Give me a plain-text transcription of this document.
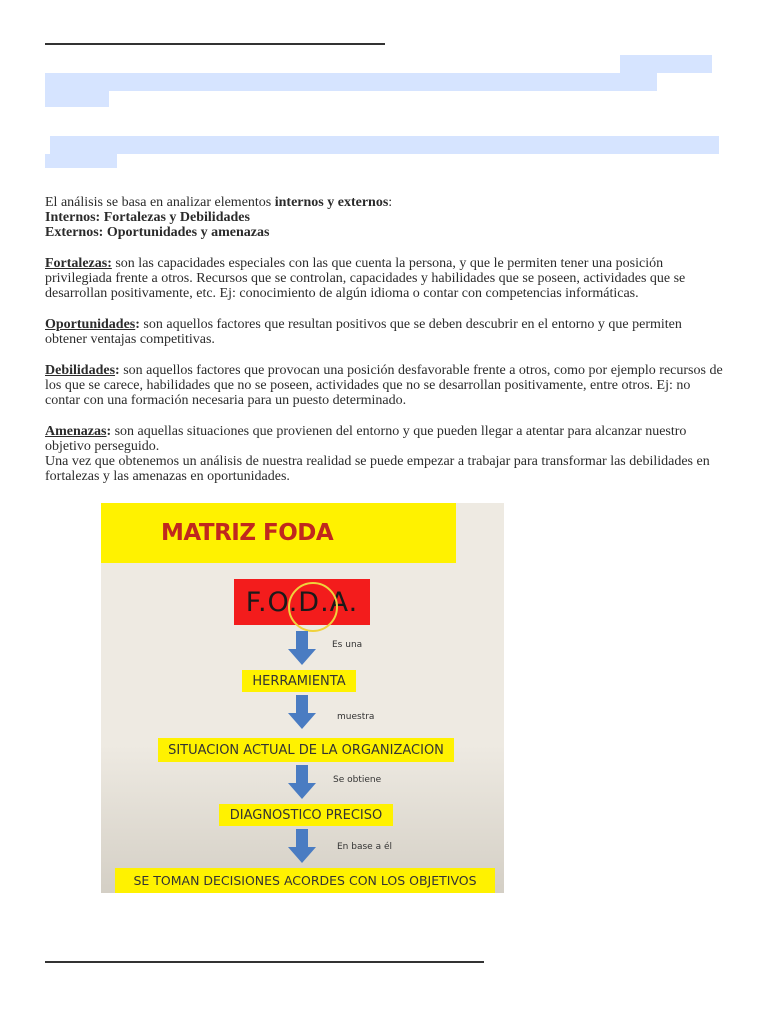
El análisis se basa en analizar elementos internos y externos:
Internos: Fortalezas y Debilidades
Externos: Oportunidades y amenazas

Fortalezas: son las capacidades especiales con las que cuenta la persona, y que le permiten tener una posición privilegiada frente a otros. Recursos que se controlan, capacidades y habilidades que se poseen, actividades que se desarrollan positivamente, etc. Ej: conocimiento de algún idioma o contar con competencias informáticas.

Oportunidades: son aquellos factores que resultan positivos que se deben descubrir en el entorno y que permiten obtener ventajas competitivas.

Debilidades: son aquellos factores que provocan una posición desfavorable frente a otros, como por ejemplo recursos de los que se carece, habilidades que no se poseen, actividades que no se desarrollan positivamente, entre otros. Ej: no contar con una formación necesaria para un puesto determinado.

Amenazas: son aquellas situaciones que provienen del entorno y que pueden llegar a atentar para alcanzar nuestro objetivo perseguido.
Una vez que obtenemos un análisis de nuestra realidad se puede empezar a trabajar para transformar las debilidades en fortalezas y las amenazas en oportunidades.

MATRIZ FODA
F.O.D.A.
Es una
HERRAMIENTA
muestra
SITUACION ACTUAL DE LA ORGANIZACION
Se obtiene
DIAGNOSTICO PRECISO
En base a él
SE TOMAN DECISIONES ACORDES CON LOS OBJETIVOS
